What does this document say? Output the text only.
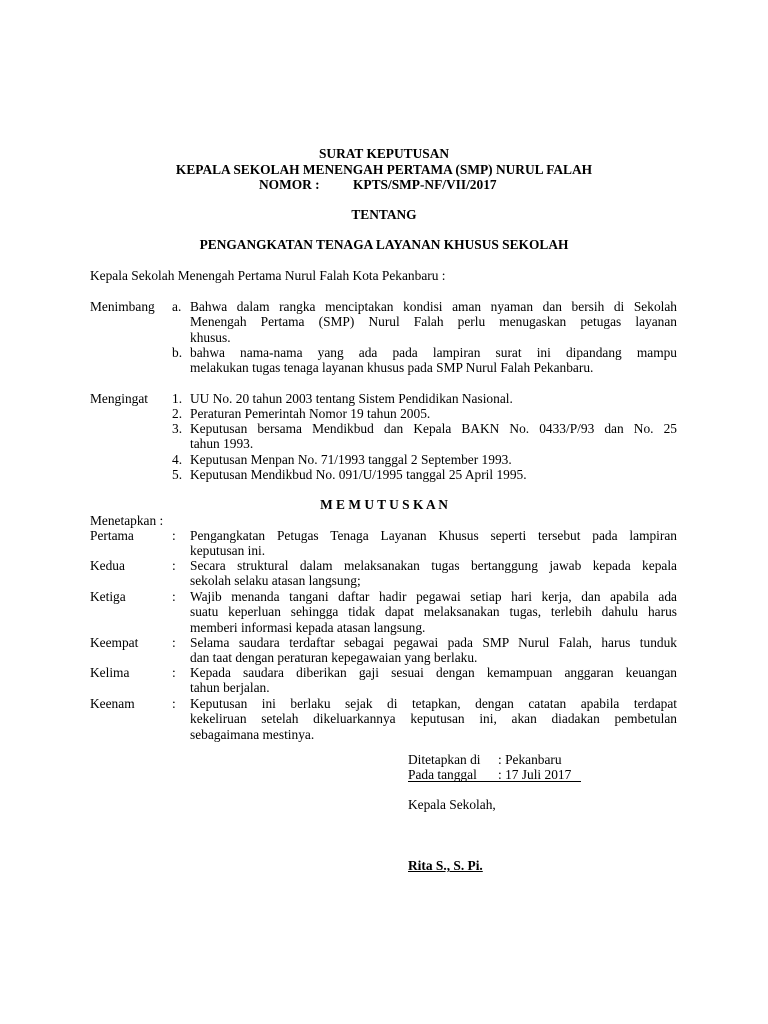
SURAT KEPUTUSAN
KEPALA SEKOLAH MENENGAH PERTAMA (SMP) NURUL FALAH
NOMOR : KPTS/SMP-NF/VII/2017
TENTANG
PENGANGKATAN TENAGA LAYANAN KHUSUS SEKOLAH
Kepala Sekolah Menengah Pertama Nurul Falah Kota Pekanbaru :
Menimbang a. Bahwa dalam rangka menciptakan kondisi aman nyaman dan bersih di Sekolah
Menengah Pertama (SMP) Nurul Falah perlu menugaskan petugas layanan
khusus.
b. bahwa nama-nama yang ada pada lampiran surat ini dipandang mampu
melakukan tugas tenaga layanan khusus pada SMP Nurul Falah Pekanbaru.
Mengingat 1. UU No. 20 tahun 2003 tentang Sistem Pendidikan Nasional.
2. Peraturan Pemerintah Nomor 19 tahun 2005.
3. Keputusan bersama Mendikbud dan Kepala BAKN No. 0433/P/93 dan No. 25
tahun 1993.
4. Keputusan Menpan No. 71/1993 tanggal 2 September 1993.
5. Keputusan Mendikbud No. 091/U/1995 tanggal 25 April 1995.
M E M U T U S K A N
Menetapkan :
Pertama	: Pengangkatan Petugas Tenaga Layanan Khusus seperti tersebut pada lampiran
keputusan ini.
Kedua	: Secara struktural dalam melaksanakan tugas bertanggung jawab kepada kepala
sekolah selaku atasan langsung;
Ketiga	: Wajib menanda tangani daftar hadir pegawai setiap hari kerja, dan apabila ada
suatu keperluan sehingga tidak dapat melaksanakan tugas, terlebih dahulu harus
memberi informasi kepada atasan langsung.
Keempat	: Selama saudara terdaftar sebagai pegawai pada SMP Nurul Falah, harus tunduk
dan taat dengan peraturan kepegawaian yang berlaku.
Kelima	: Kepada saudara diberikan gaji sesuai dengan kemampuan anggaran keuangan
tahun berjalan.
Keenam	: Keputusan ini berlaku sejak di tetapkan, dengan catatan apabila terdapat
kekeliruan setelah dikeluarkannya keputusan ini, akan diadakan pembetulan
sebagaimana mestinya.
Ditetapkan di : Pekanbaru
Pada tanggal : 17 Juli 2017
Kepala Sekolah,
Rita S., S. Pi.
